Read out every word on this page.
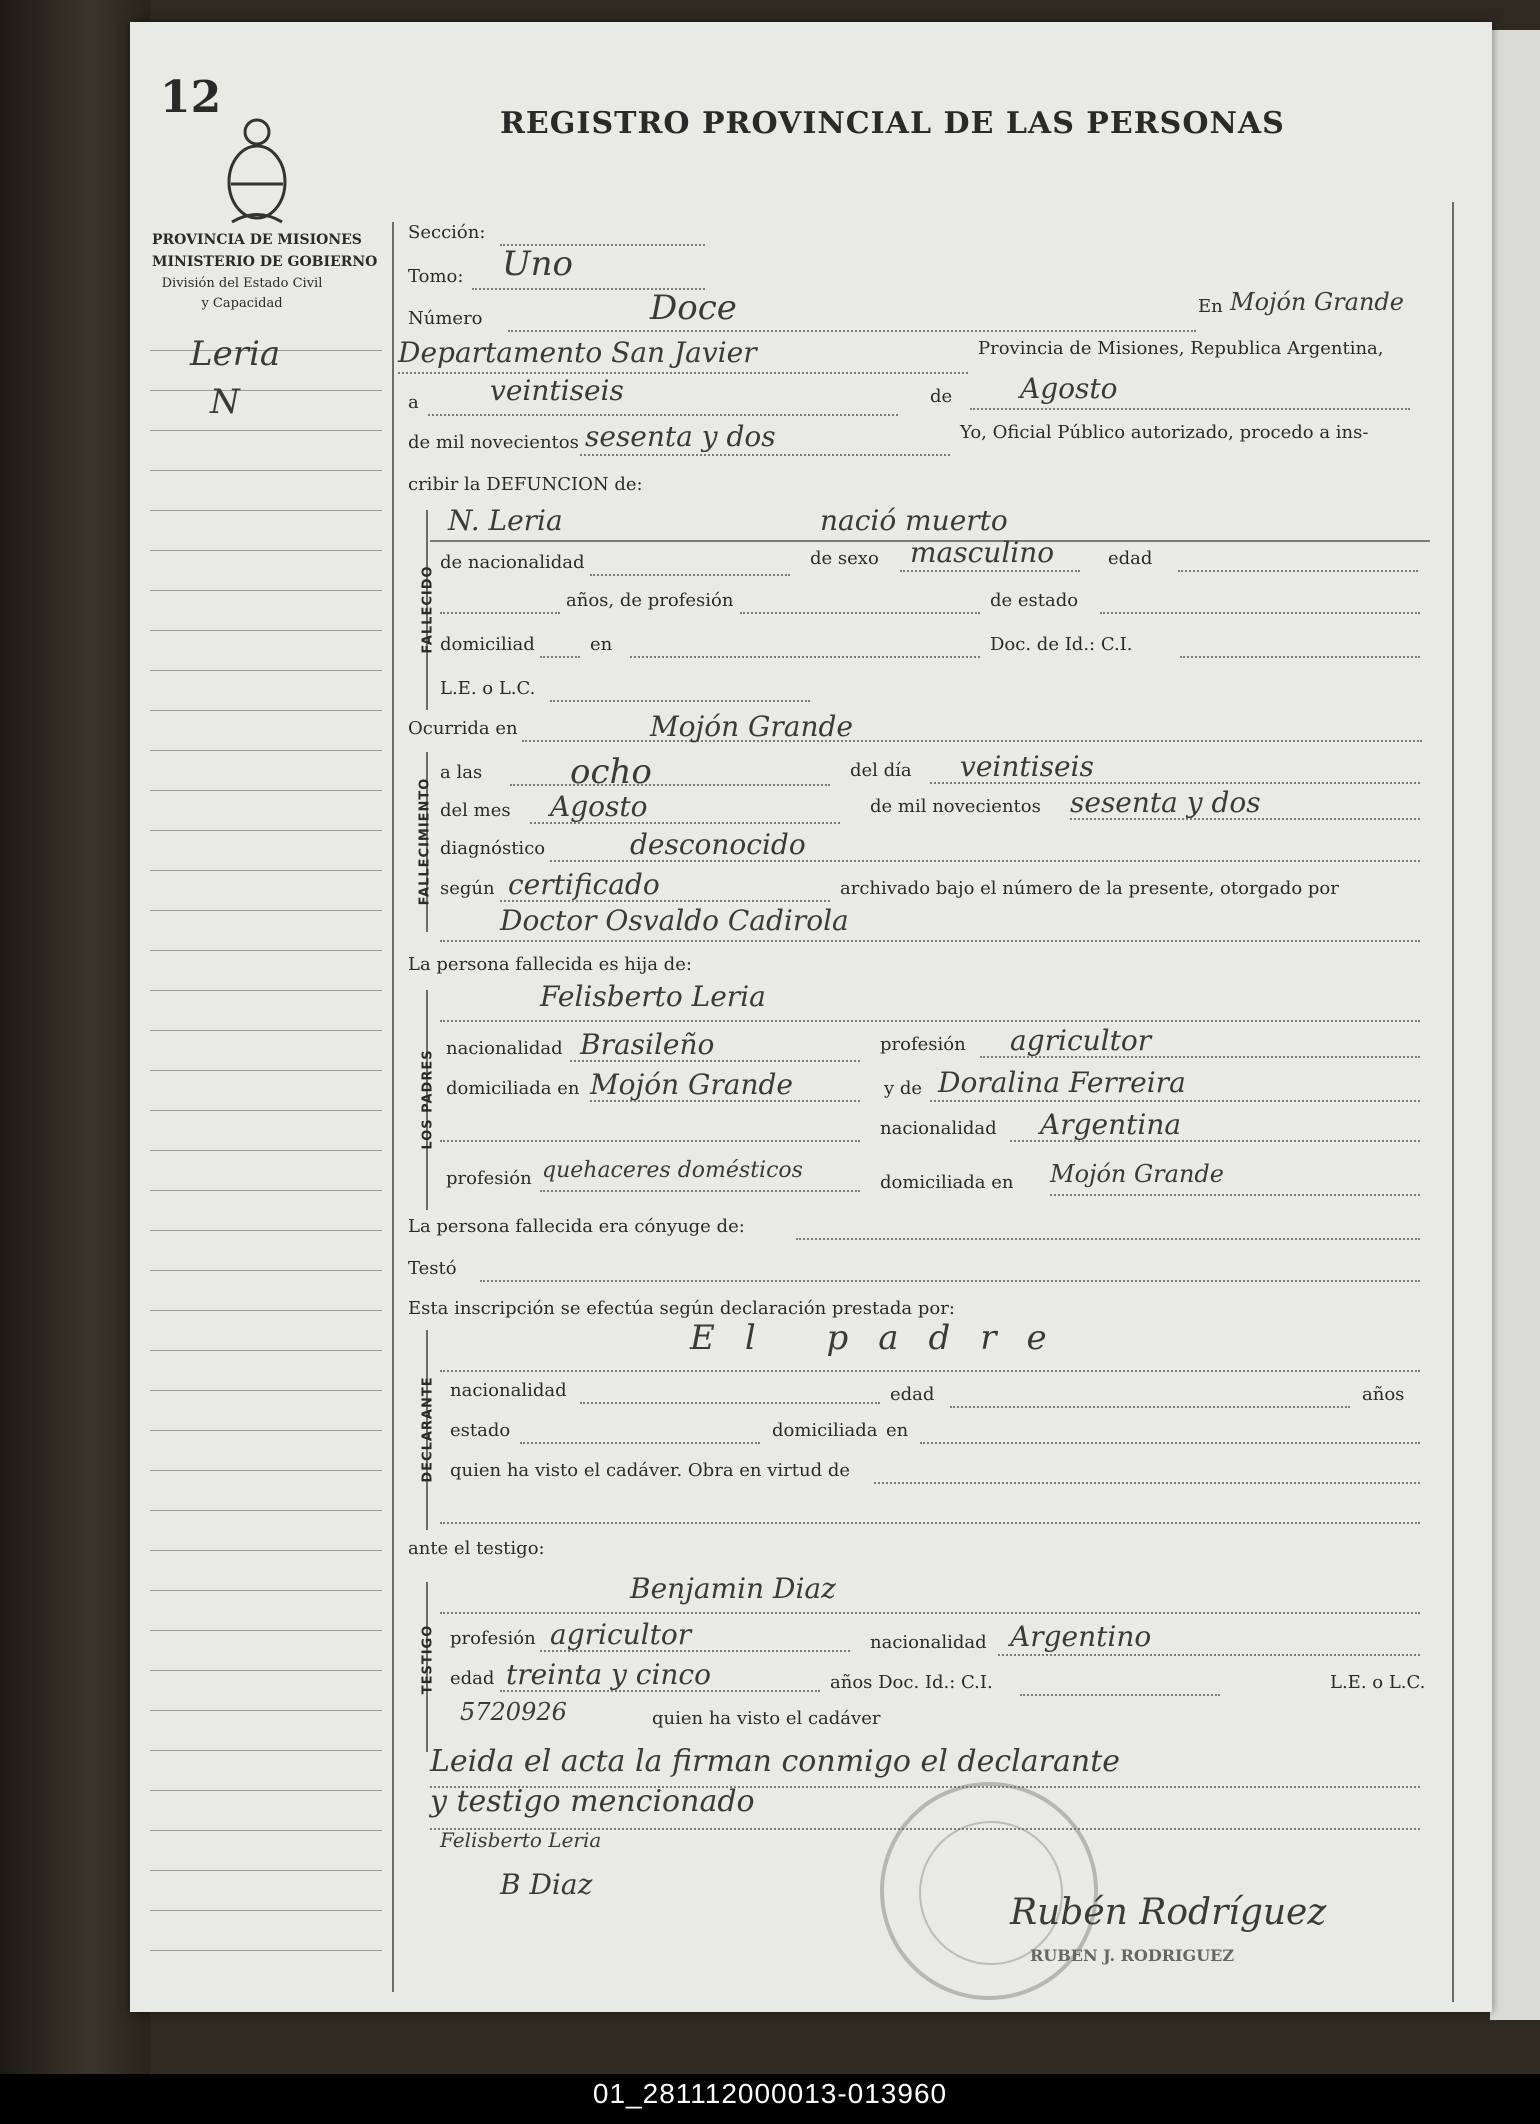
12
REGISTRO PROVINCIAL DE LAS PERSONAS
PROVINCIA DE MISIONES
MINISTERIO DE GOBIERNO
División del Estado Civil
y Capacidad
Leria
N
Sección:
Tomo: Uno
Número	Doce	En Mojón Grande
Departamento San Javier	Provincia de Misiones, Republica Argentina,
a	veintiseis	de Agosto
de mil novecientos sesenta y dos	Yo, Oficial Público autorizado, procedo a ins-
cribir la DEFUNCION de:
FALLECIDO
N. Leria	nació muerto
de nacionalidad	de sexo masculino	edad
años, de profesión	de estado
domiciliad	en	Doc. de Id.: C.I.
L.E. o L.C.
Ocurrida en	Mojón Grande
FALLECIMIENTO
a las	ocho	del día veintiseis
del mes Agosto	de mil novecientos sesenta y dos
diagnóstico	desconocido
según certificado	archivado bajo el número de la presente, otorgado por
Doctor Osvaldo Cadirola
La persona fallecida es hija de:
LOS PADRES
Felisberto Leria
nacionalidad Brasileño	profesión agricultor
domiciliada en Mojón Grande	y de Doralina Ferreira
nacionalidad Argentina
profesión quehaceres domésticos	domiciliada en Mojón Grande
La persona fallecida era cónyuge de:
Testó
Esta inscripción se efectúa según declaración prestada por:
DECLARANTE
El padre
nacionalidad	edad	años
estado	domiciliada en
quien ha visto el cadáver. Obra en virtud de
ante el testigo:
TESTIGO
Benjamin Diaz
profesión agricultor	nacionalidad Argentino
edad treinta y cinco	años Doc. Id.: C.I.	L.E. o L.C.
5720926	quien ha visto el cadáver
Leida el acta la firman conmigo el declarante
y testigo mencionado
Felisberto Leria
B Diaz
Rubén Rodríguez
RUBEN J. RODRIGUEZ
01_281112000013-013960
